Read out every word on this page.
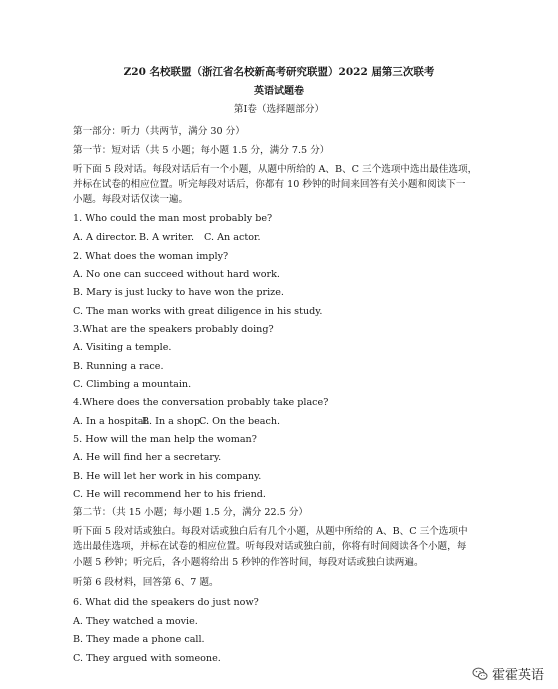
Z20 名校联盟（浙江省名校新高考研究联盟）2022 届第三次联考
英语试题卷
第Ⅰ卷（选择题部分）
第一部分：听力（共两节，满分 30 分）
第一节：短对话（共 5 小题；每小题 1.5 分，满分 7.5 分）
听下面 5 段对话。每段对话后有一个小题，从题中所给的 A、B、C 三个选项中选出最佳选项，
并标在试卷的相应位置。听完每段对话后，你都有 10 秒钟的时间来回答有关小题和阅读下一
小题。每段对话仅读一遍。
1. Who could the man most probably be?
A. A director. B. A writer. C. An actor.
2. What does the woman imply?
A. No one can succeed without hard work.
B. Mary is just lucky to have won the prize.
C. The man works with great diligence in his study.
3.What are the speakers probably doing?
A. Visiting a temple.
B. Running a race.
C. Climbing a mountain.
4.Where does the conversation probably take place?
A. In a hospital.B. In a shop.C. On the beach.
5. How will the man help the woman?
A. He will find her a secretary.
B. He will let her work in his company.
C. He will recommend her to his friend.
第二节：（共 15 小题；每小题 1.5 分，满分 22.5 分）
听下面 5 段对话或独白。每段对话或独白后有几个小题，从题中所给的 A、B、C 三个选项中
选出最佳选项，并标在试卷的相应位置。听每段对话或独白前，你将有时间阅读各个小题，每
小题 5 秒钟；听完后，各小题将给出 5 秒钟的作答时间，每段对话或独白读两遍。
听第 6 段材料，回答第 6、7 题。
6. What did the speakers do just now?
A. They watched a movie.
B. They made a phone call.
C. They argued with someone.
霍霍英语
